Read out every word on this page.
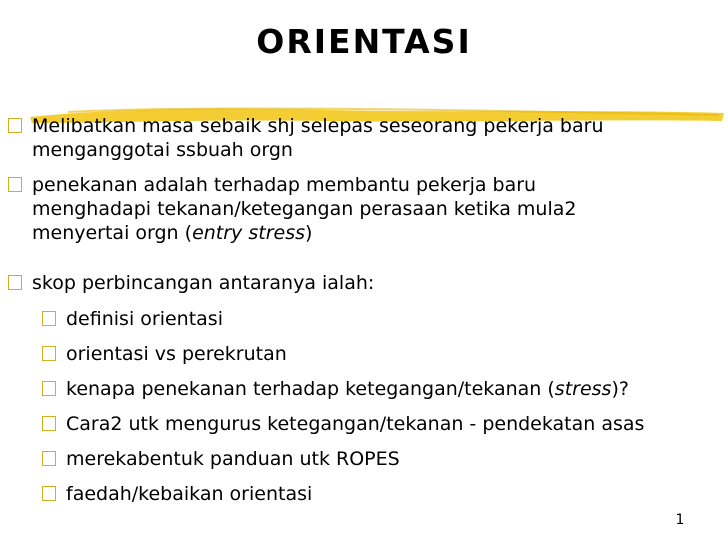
ORIENTASI
Melibatkan masa sebaik shj selepas seseorang pekerja baru
menganggotai ssbuah orgn
penekanan adalah terhadap membantu pekerja baru
menghadapi tekanan/ketegangan perasaan ketika mula2
menyertai orgn (entry stress)
skop perbincangan antaranya ialah:
definisi orientasi
orientasi vs perekrutan
kenapa penekanan terhadap ketegangan/tekanan (stress)?
Cara2 utk mengurus ketegangan/tekanan - pendekatan asas
merekabentuk panduan utk ROPES
faedah/kebaikan orientasi
1
